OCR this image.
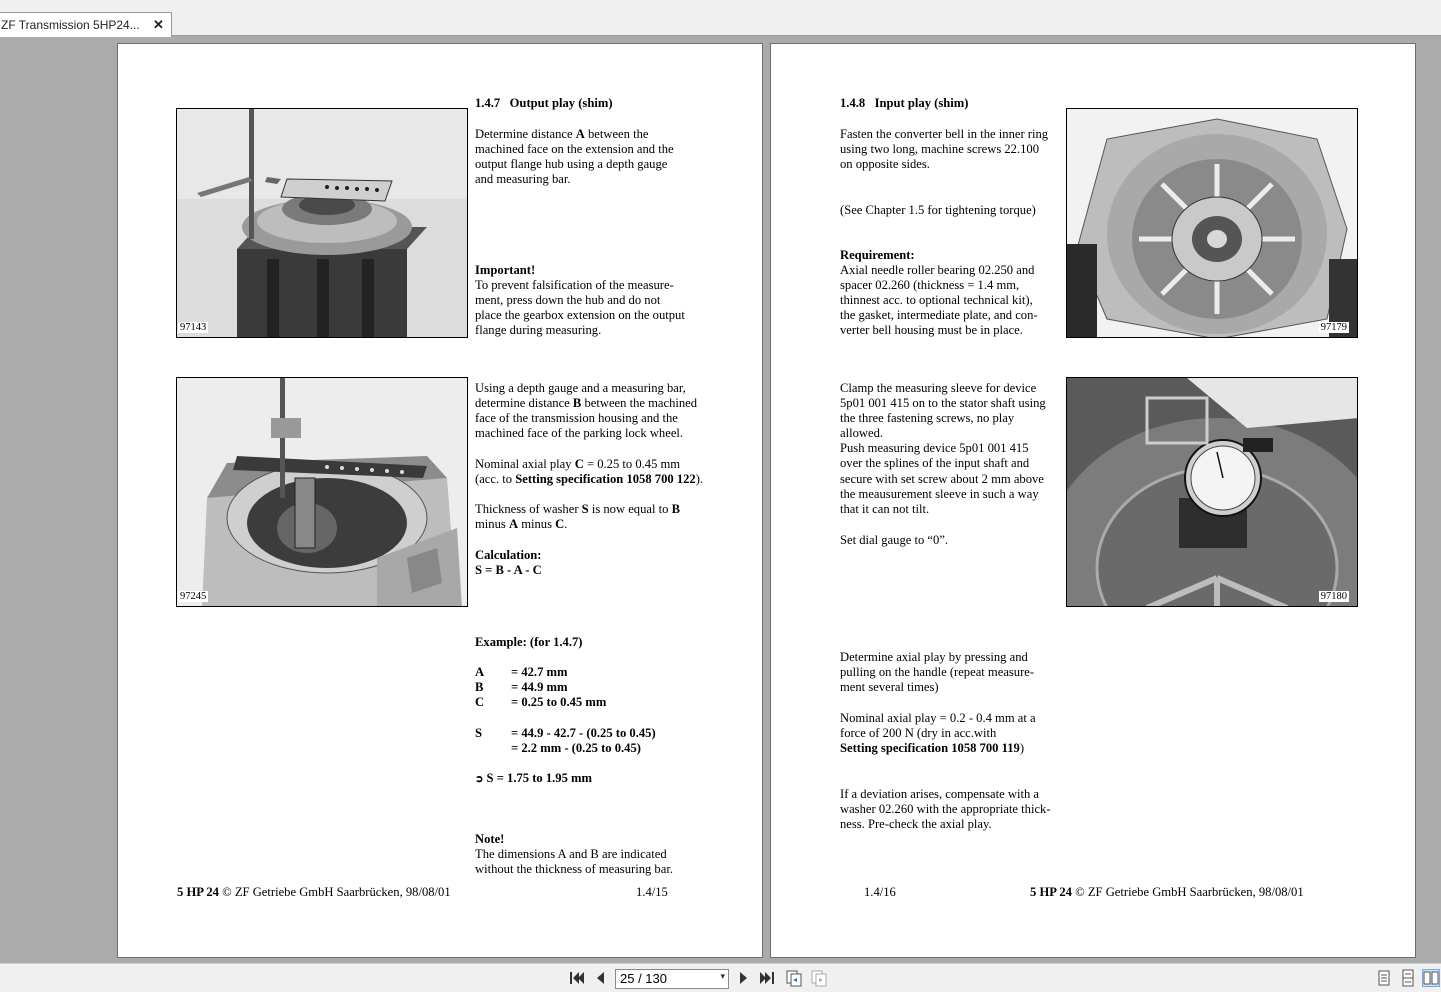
ZF Transmission 5HP24... ✕
97143
97245
1.4.7 Output play (shim)
Determine distance A between the
machined face on the extension and the
output flange hub using a depth gauge
and measuring bar.
Important!
To prevent falsification of the measure-
ment, press down the hub and do not
place the gearbox extension on the output
flange during measuring.
Using a depth gauge and a measuring bar,
determine distance B between the machined
face of the transmission housing and the
machined face of the parking lock wheel.
Nominal axial play C = 0.25 to 0.45 mm
(acc. to Setting specification 1058 700 122).
Thickness of washer S is now equal to B
minus A minus C.
Calculation:
S = B - A - C
Example: (for 1.4.7)
A = 42.7 mm
B = 44.9 mm
C = 0.25 to 0.45 mm
S = 44.9 - 42.7 - (0.25 to 0.45)
= 2.2 mm - (0.25 to 0.45)
➲ S = 1.75 to 1.95 mm
Note!
The dimensions A and B are indicated
without the thickness of measuring bar.
5 HP 24 © ZF Getriebe GmbH Saarbrücken, 98/08/01	1.4/15
1.4.8 Input play (shim)
97179
97180
Fasten the converter bell in the inner ring
using two long, machine screws 22.100
on opposite sides.
(See Chapter 1.5 for tightening torque)
Requirement:
Axial needle roller bearing 02.250 and
spacer 02.260 (thickness = 1.4 mm,
thinnest acc. to optional technical kit),
the gasket, intermediate plate, and con-
verter bell housing must be in place.
Clamp the measuring sleeve for device
5p01 001 415 on to the stator shaft using
the three fastening screws, no play
allowed.
Push measuring device 5p01 001 415
over the splines of the input shaft and
secure with set screw about 2 mm above
the meausurement sleeve in such a way
that it can not tilt.
Set dial gauge to “0”.
Determine axial play by pressing and
pulling on the handle (repeat measure-
ment several times)
Nominal axial play = 0.2 - 0.4 mm at a
force of 200 N (dry in acc.with
Setting specification 1058 700 119)
If a deviation arises, compensate with a
washer 02.260 with the appropriate thick-
ness. Pre-check the axial play.
1.4/16	5 HP 24 © ZF Getriebe GmbH Saarbrücken, 98/08/01
25 / 130	▾
